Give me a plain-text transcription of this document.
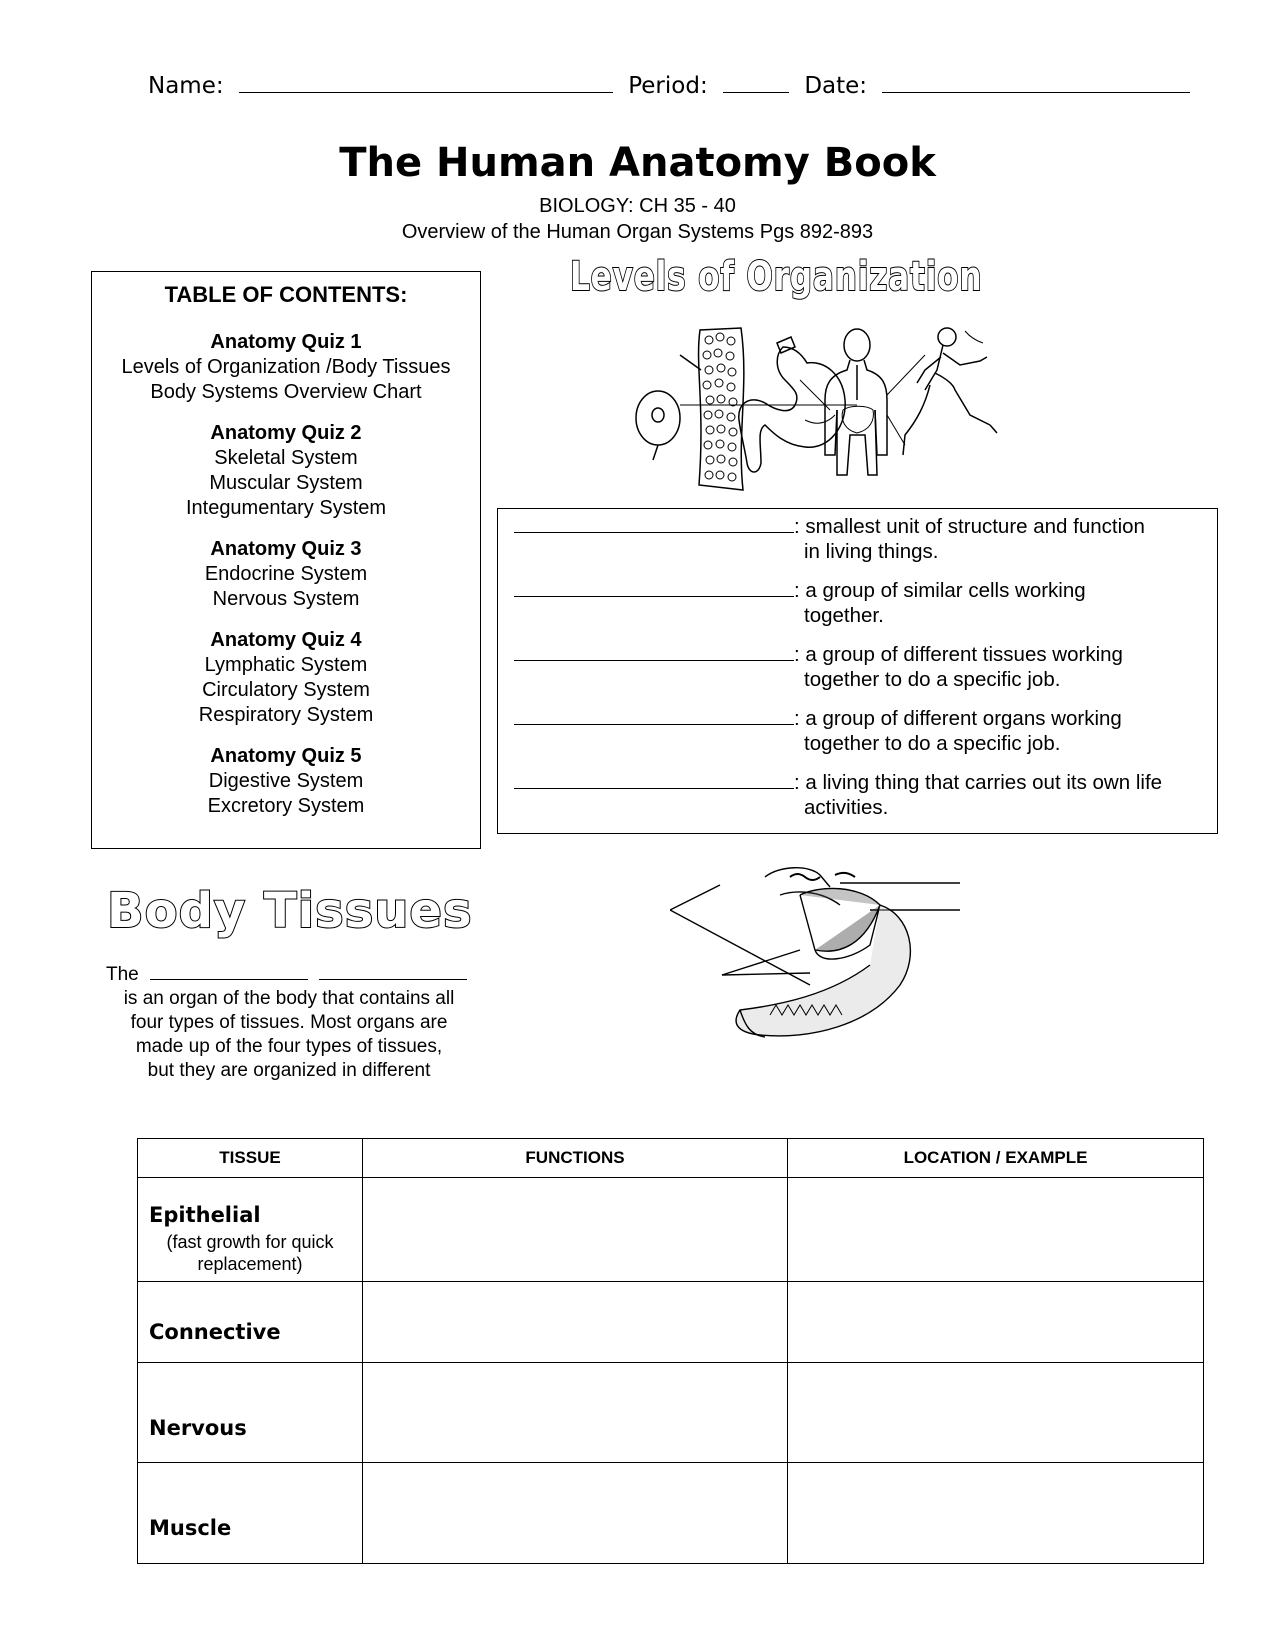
Name:	Period:	Date:
The Human Anatomy Book
BIOLOGY: CH 35 - 40
Overview of the Human Organ Systems Pgs 892-893
TABLE OF CONTENTS:
Anatomy Quiz 1
Levels of Organization /Body Tissues
Body Systems Overview Chart
Anatomy Quiz 2
Skeletal System
Muscular System
Integumentary System
Anatomy Quiz 3
Endocrine System
Nervous System
Anatomy Quiz 4
Lymphatic System
Circulatory System
Respiratory System
Anatomy Quiz 5
Digestive System
Excretory System
Levels of Organization
: smallest unit of structure and function
in living things.
: a group of similar cells working
together.
: a group of different tissues working
together to do a specific job.
: a group of different organs working
together to do a specific job.
: a living thing that carries out its own life
activities.
Body Tissues
The
is an organ of the body that contains all
four types of tissues. Most organs are
made up of the four types of tissues,
but they are organized in different
TISSUE	FUNCTIONS	LOCATION / EXAMPLE

Epithelial
(fast growth for quick replacement)		

Connective		

Nervous		

Muscle		
